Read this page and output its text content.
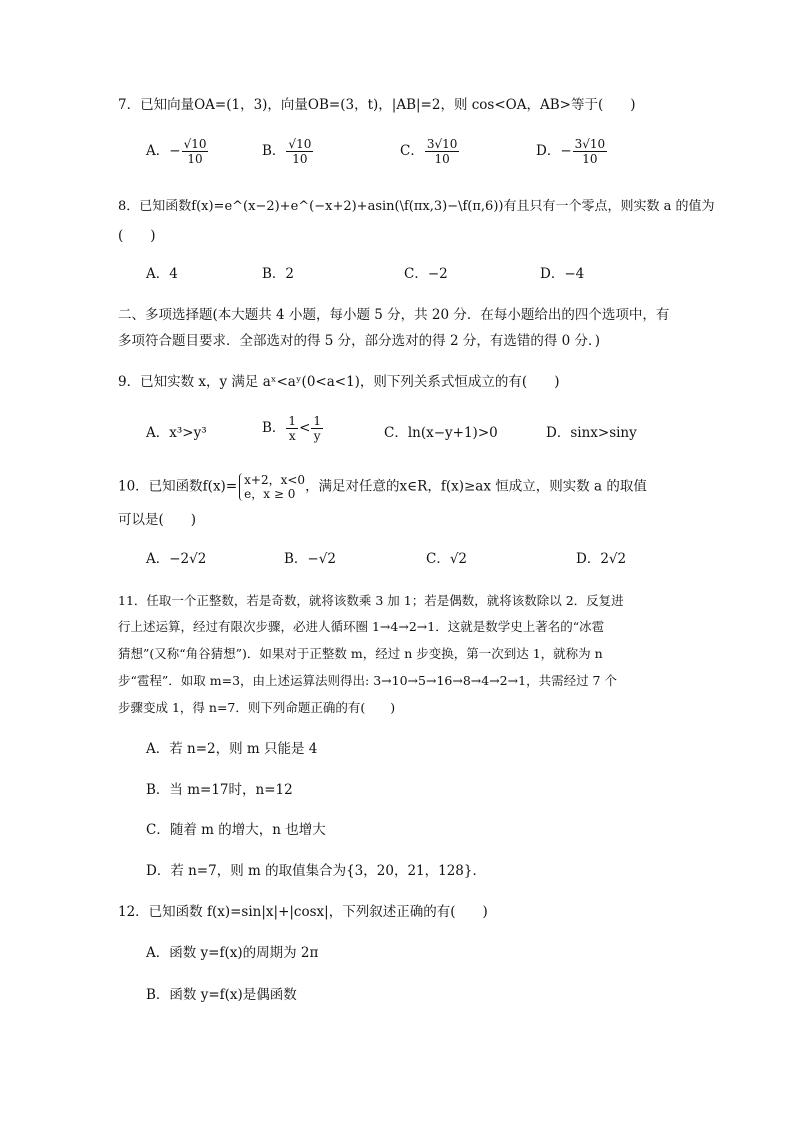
7．已知向量OA=(1，3)，向量OB=(3，t)，|AB|=2，则 cos<OA，AB>等于(　　)
A．− $\frac{√10}{10}$	B． $\frac{√10}{10}$	C． $\frac{3√10}{10}$	D．− $\frac{3√10}{10}$
8．已知函数f(x)=e^(x−2)+e^(−x+2)+asin(\f(πx,3)−\f(π,6))有且只有一个零点，则实数 a 的值为
(　　)
A．4	B．2	C．−2	D．−4
二、多项选择题(本大题共 4 小题，每小题 5 分，共 20 分．在每小题给出的四个选项中，有
多项符合题目要求．全部选对的得 5 分，部分选对的得 2 分，有选错的得 0 分．)
9．已知实数 x，y 满足 aˣ<aʸ(0<a<1)，则下列关系式恒成立的有(　　)
A．x³>y³	B． $\frac{1}{x} < \frac{1}{y}$	C．ln(x−y+1)>0	D．sinx>siny
10．已知函数f(x)= x+2，x<0
e，x ≥ 0 ，满足对任意的x∈R，f(x)≥ax 恒成立，则实数 a 的取值
可以是(　　)
A．−2√2	B．−√2	C．√2	D．2√2
11．任取一个正整数，若是奇数，就将该数乘 3 加 1；若是偶数，就将该数除以 2．反复进
行上述运算，经过有限次步骤，必进人循环圈 1→4→2→1．这就是数学史上著名的“冰雹
猜想”(又称“角谷猜想”)．如果对于正整数 m，经过 n 步变换，第一次到达 1，就称为 n
步“雹程”．如取 m=3，由上述运算法则得出: 3→10→5→16→8→4→2→1，共需经过 7 个
步骤变成 1，得 n=7．则下列命题正确的有(　　)
A．若 n=2，则 m 只能是 4
B．当 m=17时，n=12
C．随着 m 的增大，n 也增大
D．若 n=7，则 m 的取值集合为{3，20，21，128}．
12．已知函数 f(x)=sin|x|+|cosx|，下列叙述正确的有(　　)
A．函数 y=f(x)的周期为 2π
B．函数 y=f(x)是偶函数
